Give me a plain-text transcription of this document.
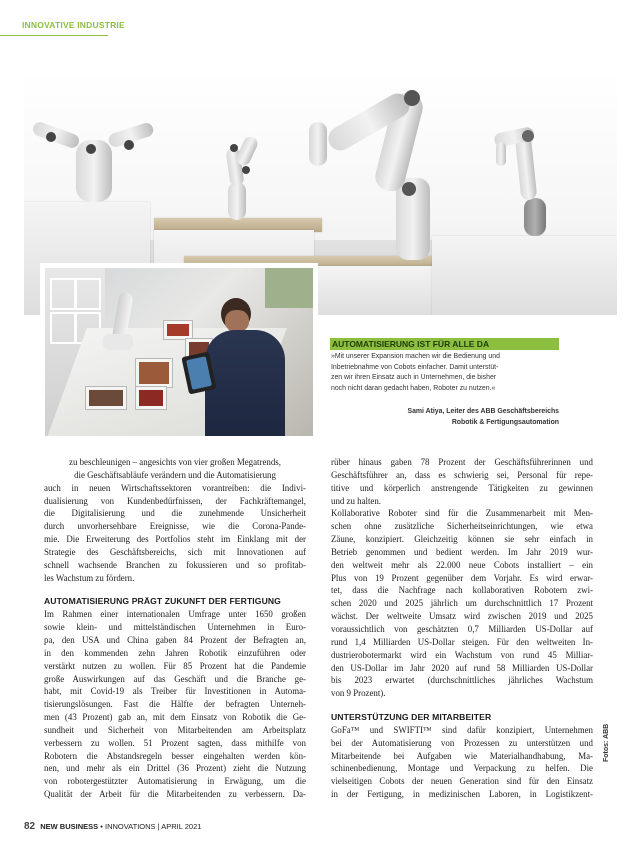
INNOVATIVE INDUSTRIE
AUTOMATISIERUNG IST FÜR ALLE DA
»Mit unserer Expansion machen wir die Bedienung und
Inbetriebnahme von Cobots einfacher. Damit unterstüt-
zen wir ihren Einsatz auch in Unternehmen, die bisher
noch nicht daran gedacht haben, Roboter zu nutzen.«
Sami Atiya, Leiter des ABB Geschäftsbereichs
Robotik & Fertigungsautomation
zu beschleunigen – angesichts von vier großen Megatrends,
die Geschäftsabläufe verändern und die Automatisierung
auch in neuen Wirtschaftssektoren vorantreiben: die Indivi-
dualisierung von Kundenbedürfnissen, der Fachkräftemangel,
die Digitalisierung und die zunehmende Unsicherheit
durch unvorhersehbare Ereignisse, wie die Corona-Pande-
mie. Die Erweiterung des Portfolios steht im Einklang mit der
Strategie des Geschäftsbereichs, sich mit Innovationen auf
schnell wachsende Branchen zu fokussieren und so profitab-
les Wachstum zu fördern.
AUTOMATISIERUNG PRÄGT ZUKUNFT DER FERTIGUNG
Im Rahmen einer internationalen Umfrage unter 1650 großen
sowie klein- und mittelständischen Unternehmen in Euro-
pa, den USA und China gaben 84 Prozent der Befragten an,
in den kommenden zehn Jahren Robotik einzuführen oder
verstärkt nutzen zu wollen. Für 85 Prozent hat die Pandemie
große Auswirkungen auf das Geschäft und die Branche ge-
habt, mit Covid-19 als Treiber für Investitionen in Automa-
tisierungslösungen. Fast die Hälfte der befragten Unterneh-
men (43 Prozent) gab an, mit dem Einsatz von Robotik die Ge-
sundheit und Sicherheit von Mitarbeitenden am Arbeitsplatz
verbessern zu wollen. 51 Prozent sagten, dass mithilfe von
Robotern die Abstandsregeln besser eingehalten werden kön-
nen, und mehr als ein Drittel (36 Prozent) zieht die Nutzung
von robotergestützter Automatisierung in Erwägung, um die
Qualität der Arbeit für die Mitarbeitenden zu verbessern. Da-
rüber hinaus gaben 78 Prozent der Geschäftsführerinnen und
Geschäftsführer an, dass es schwierig sei, Personal für repe-
titive und körperlich anstrengende Tätigkeiten zu gewinnen
und zu halten.
Kollaborative Roboter sind für die Zusammenarbeit mit Men-
schen ohne zusätzliche Sicherheitseinrichtungen, wie etwa
Zäune, konzipiert. Gleichzeitig können sie sehr einfach in
Betrieb genommen und bedient werden. Im Jahr 2019 wur-
den weltweit mehr als 22.000 neue Cobots installiert – ein
Plus von 19 Prozent gegenüber dem Vorjahr. Es wird erwar-
tet, dass die Nachfrage nach kollaborativen Robotern zwi-
schen 2020 und 2025 jährlich um durchschnittlich 17 Prozent
wächst. Der weltweite Umsatz wird zwischen 2019 und 2025
voraussichtlich von geschätzten 0,7 Milliarden US-Dollar auf
rund 1,4 Milliarden US-Dollar steigen. Für den weltweiten In-
dustrierobotermarkt wird ein Wachstum von rund 45 Milliar-
den US-Dollar im Jahr 2020 auf rund 58 Milliarden US-Dollar
bis 2023 erwartet (durchschnittliches jährliches Wachstum
von 9 Prozent).
UNTERSTÜTZUNG DER MITARBEITER
GoFa™ und SWIFTI™ sind dafür konzipiert, Unternehmen
bei der Automatisierung von Prozessen zu unterstützen und
Mitarbeitende bei Aufgaben wie Materialhandhabung, Ma-
schinenbedienung, Montage und Verpackung zu helfen. Die
vielseitigen Cobots der neuen Generation sind für den Einsatz
in der Fertigung, in medizinischen Laboren, in Logistikzent-
Fotos: ABB
82 NEW BUSINESS • INNOVATIONS | APRIL 2021
